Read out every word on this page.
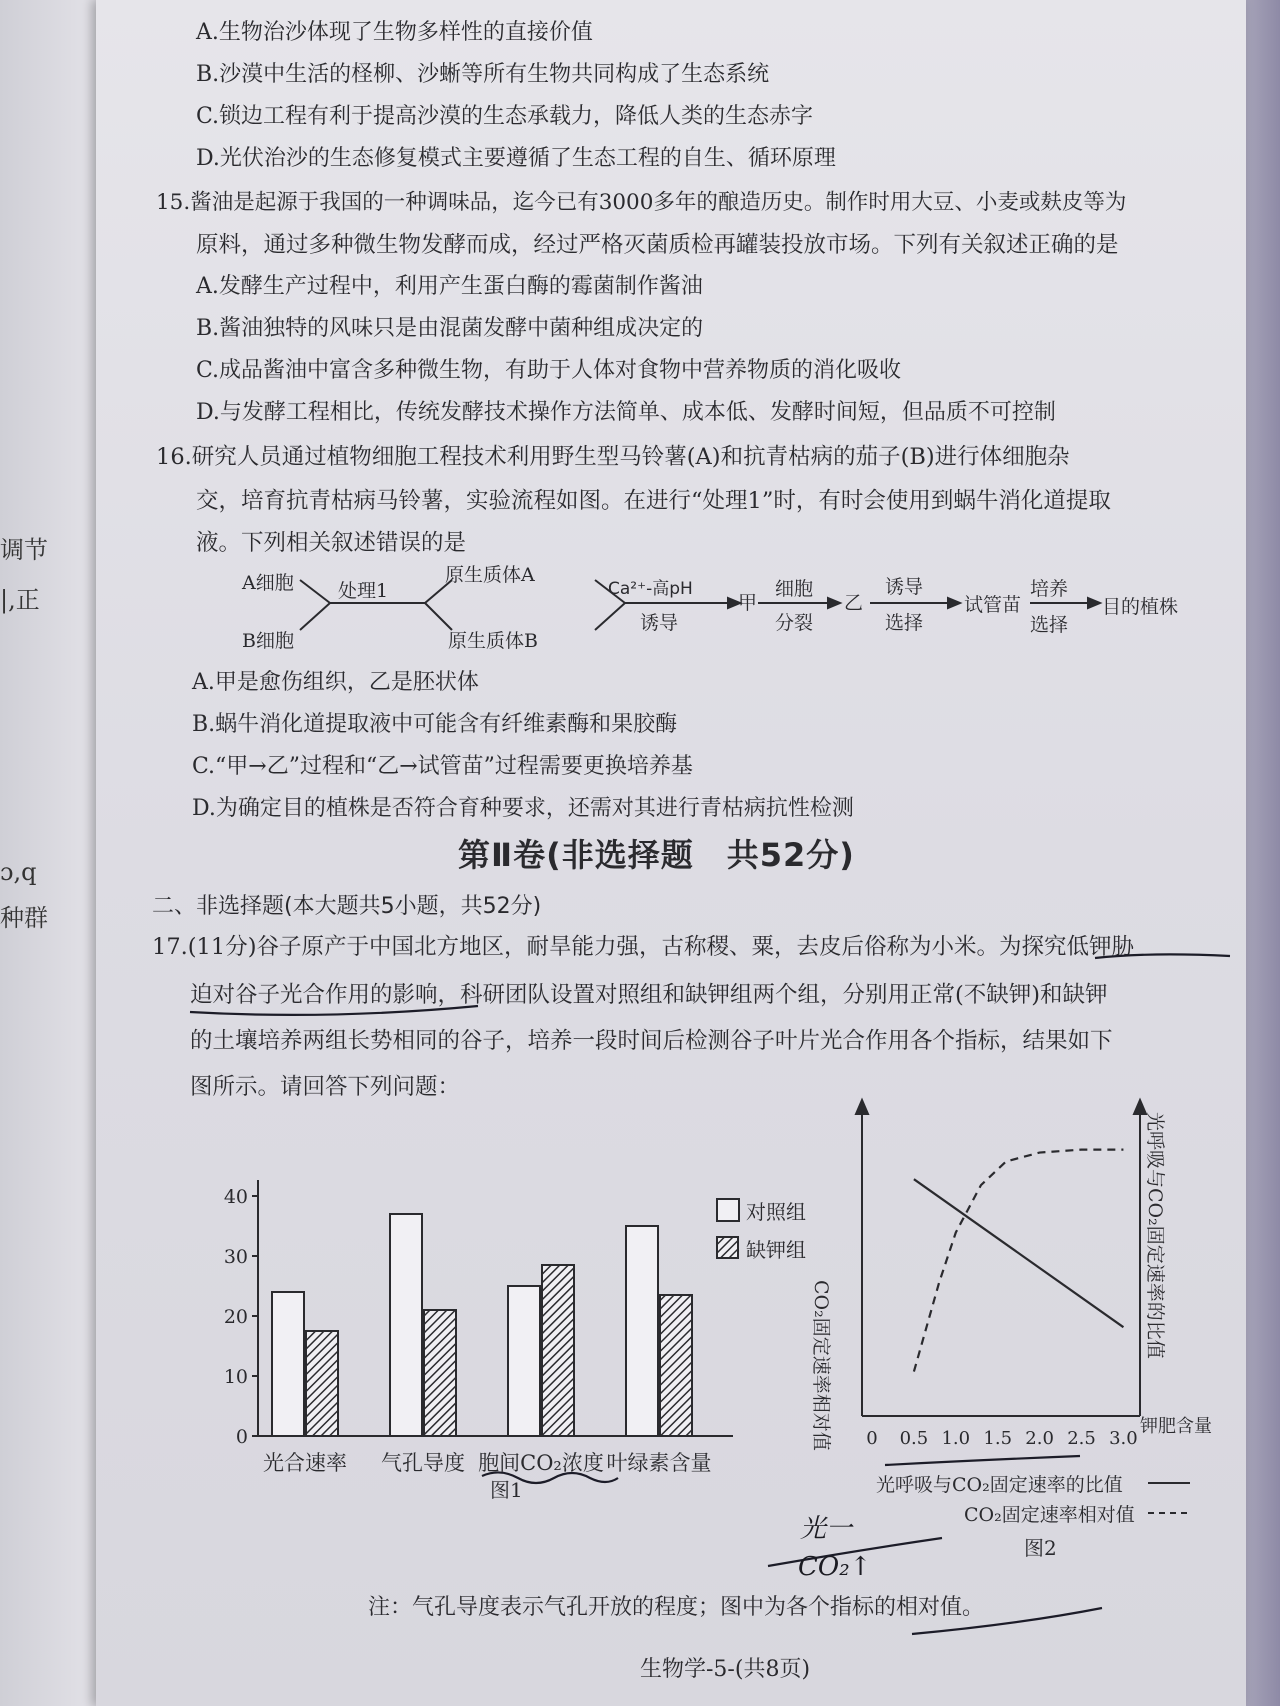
调节
|,正
ɔ,q
种群
A.生物治沙体现了生物多样性的直接价值
B.沙漠中生活的柽柳、沙蜥等所有生物共同构成了生态系统
C.锁边工程有利于提高沙漠的生态承载力，降低人类的生态赤字
D.光伏治沙的生态修复模式主要遵循了生态工程的自生、循环原理
15.酱油是起源于我国的一种调味品，迄今已有3000多年的酿造历史。制作时用大豆、小麦或麸皮等为
原料，通过多种微生物发酵而成，经过严格灭菌质检再罐装投放市场。下列有关叙述正确的是
A.发酵生产过程中，利用产生蛋白酶的霉菌制作酱油
B.酱油独特的风味只是由混菌发酵中菌种组成决定的
C.成品酱油中富含多种微生物，有助于人体对食物中营养物质的消化吸收
D.与发酵工程相比，传统发酵技术操作方法简单、成本低、发酵时间短，但品质不可控制
16.研究人员通过植物细胞工程技术利用野生型马铃薯(A)和抗青枯病的茄子(B)进行体细胞杂
交，培育抗青枯病马铃薯，实验流程如图。在进行“处理1”时，有时会使用到蜗牛消化道提取
液。下列相关叙述错误的是
A细胞
B细胞
处理1
原生质体A
原生质体B
Ca²⁺-高pH
诱导
甲
细胞
分裂
乙
诱导
选择
试管苗
培养
选择
目的植株
A.甲是愈伤组织，乙是胚状体
B.蜗牛消化道提取液中可能含有纤维素酶和果胶酶
C.“甲→乙”过程和“乙→试管苗”过程需要更换培养基
D.为确定目的植株是否符合育种要求，还需对其进行青枯病抗性检测
第Ⅱ卷(非选择题　共52分)
二、非选择题(本大题共5小题，共52分)
17.(11分)谷子原产于中国北方地区，耐旱能力强，古称稷、粟，去皮后俗称为小米。为探究低钾胁
迫对谷子光合作用的影响，科研团队设置对照组和缺钾组两个组，分别用正常(不缺钾)和缺钾
的土壤培养两组长势相同的谷子，培养一段时间后检测谷子叶片光合作用各个指标，结果如下
图所示。请回答下列问题：
0
10
20
30
40
光合速率 气孔导度 胞间CO₂浓度 叶绿素含量
对照组
缺钾组
图1
0 0.5 1.0 1.5 2.0 2.5 3.0
钾肥含量
CO₂固定速率相对值
光呼吸与CO₂固定速率的比值
光呼吸与CO₂固定速率的比值
CO₂固定速率相对值
图2
光一
CO₂↑
注：气孔导度表示气孔开放的程度；图中为各个指标的相对值。
生物学-5-(共8页)
